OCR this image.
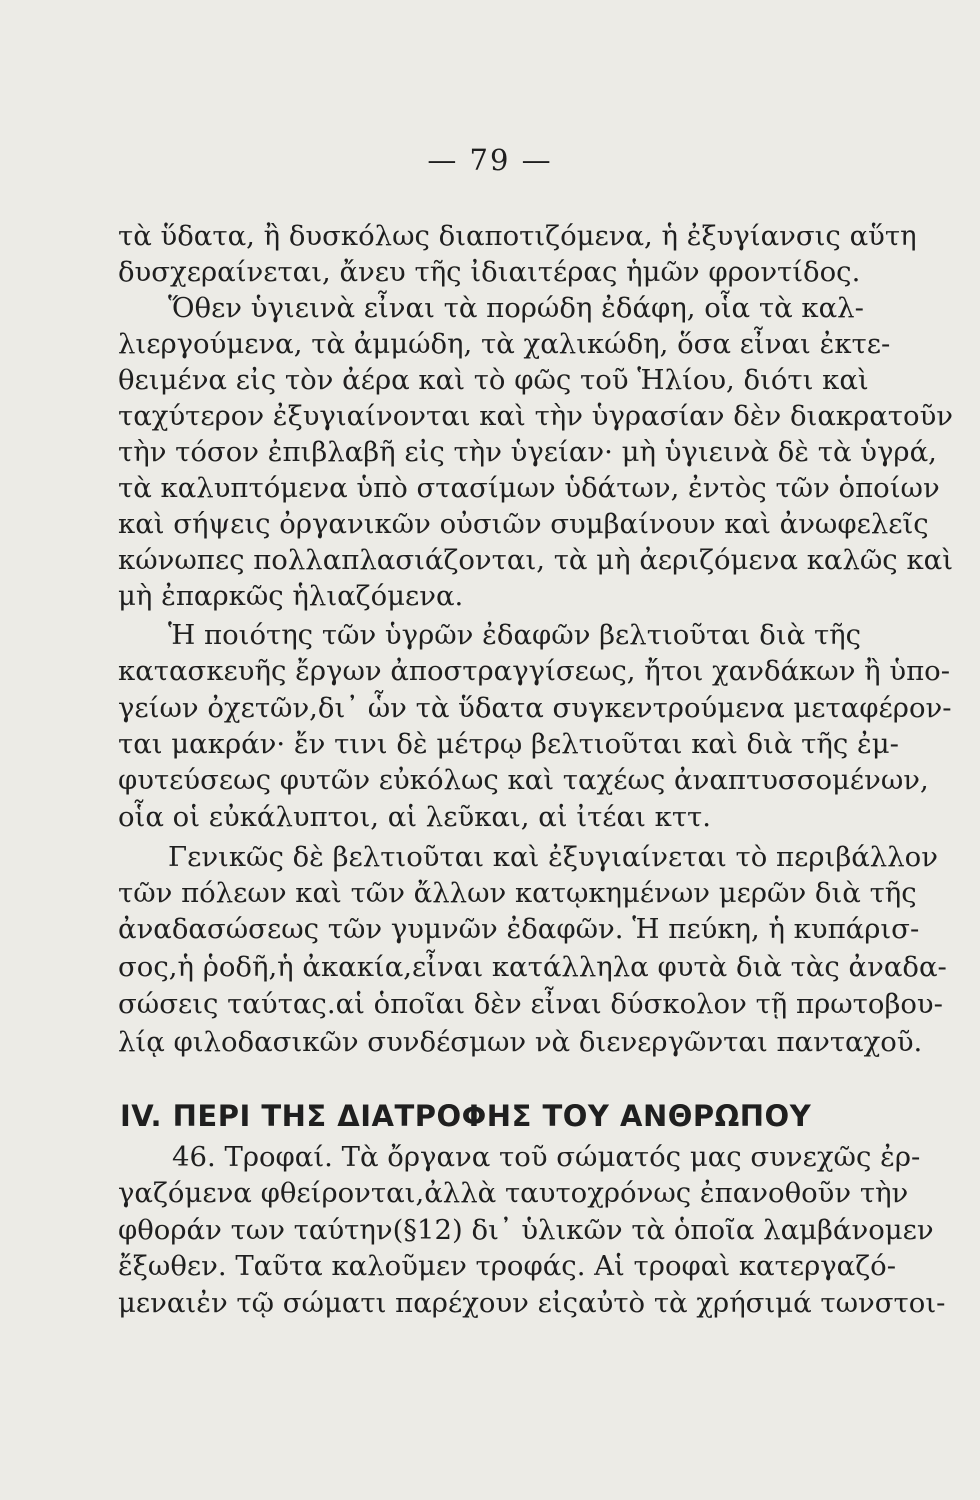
— 79 —
τὰ ὕδατα, ἢ δυσκόλως διαποτιζόμενα, ἡ ἐξυγίανσις αὕτη
δυσχεραίνεται, ἄνευ τῆς ἰδιαιτέρας ἡμῶν φροντίδος.
Ὅθεν ὑγιεινὰ εἶναι τὰ πορώδη ἐδάφη, οἷα τὰ καλ-
λιεργούμενα, τὰ ἀμμώδη, τὰ χαλικώδη, ὅσα εἶναι ἐκτε-
θειμένα εἰς τὸν ἀέρα καὶ τὸ φῶς τοῦ Ἡλίου, διότι καὶ
ταχύτερον ἐξυγιαίνονται καὶ τὴν ὑγρασίαν δὲν διακρατοῦν
τὴν τόσον ἐπιβλαβῆ εἰς τὴν ὑγείαν· μὴ ὑγιεινὰ δὲ τὰ ὑγρά,
τὰ καλυπτόμενα ὑπὸ στασίμων ὑδάτων, ἐντὸς τῶν ὁποίων
καὶ σήψεις ὀργανικῶν οὐσιῶν συμβαίνουν καὶ ἀνωφελεῖς
κώνωπες πολλαπλασιάζονται, τὰ μὴ ἀεριζόμενα καλῶς καὶ
μὴ ἐπαρκῶς ἡλιαζόμενα.
Ἡ ποιότης τῶν ὑγρῶν ἐδαφῶν βελτιοῦται διὰ τῆς
κατασκευῆς ἔργων ἀποστραγγίσεως, ἤτοι χανδάκων ἢ ὑπο-
γείων ὀχετῶν,δι᾽ ὧν τὰ ὕδατα συγκεντρούμενα μεταφέρον-
ται μακράν· ἔν τινι δὲ μέτρῳ βελτιοῦται καὶ διὰ τῆς ἐμ-
φυτεύσεως φυτῶν εὐκόλως καὶ ταχέως ἀναπτυσσομένων,
οἷα οἱ εὐκάλυπτοι, αἱ λεῦκαι, αἱ ἰτέαι κττ.
Γενικῶς δὲ βελτιοῦται καὶ ἐξυγιαίνεται τὸ περιβάλλον
τῶν πόλεων καὶ τῶν ἄλλων κατῳκημένων μερῶν διὰ τῆς
ἀναδασώσεως τῶν γυμνῶν ἐδαφῶν. Ἡ πεύκη, ἡ κυπάρισ-
σος,ἡ ῥοδῆ,ἡ ἀκακία,εἶναι κατάλληλα φυτὰ διὰ τὰς ἀναδα-
σώσεις ταύτας.αἱ ὁποῖαι δὲν εἶναι δύσκολον τῇ πρωτοβου-
λίᾳ φιλοδασικῶν συνδέσμων νὰ διενεργῶνται πανταχοῦ.
IV. ΠΕΡΙ ΤΗΣ ΔΙΑΤΡΟΦΗΣ ΤΟΥ ΑΝΘΡΩΠΟΥ
46. Τροφαί. Τὰ ὄργανα τοῦ σώματός μας συνεχῶς ἐρ-
γαζόμενα φθείρονται,ἀλλὰ ταυτοχρόνως ἐπανοθοῦν τὴν
φθοράν των ταύτην(§12) δι᾽ ὑλικῶν τὰ ὁποῖα λαμβάνομεν
ἔξωθεν. Ταῦτα καλοῦμεν τροφάς. Αἱ τροφαὶ κατεργαζό-
μεναιἐν τῷ σώματι παρέχουν εἰςαὐτὸ τὰ χρήσιμά τωνστοι-
